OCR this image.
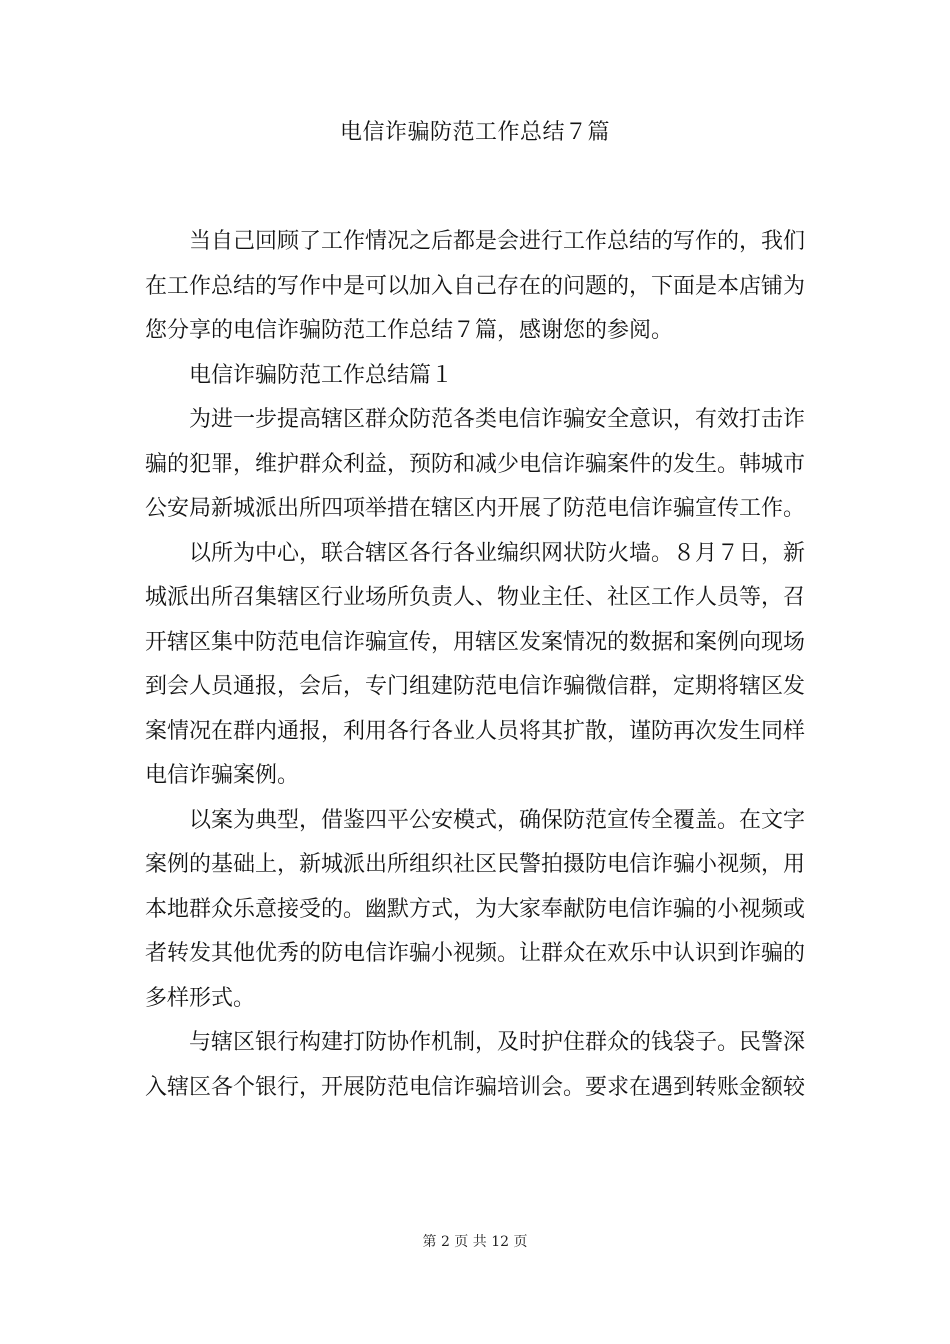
电信诈骗防范工作总结７篇

当自己回顾了工作情况之后都是会进行工作总结的写作的，我们在工作总结的写作中是可以加入自己存在的问题的，下面是本店铺为您分享的电信诈骗防范工作总结７篇，感谢您的参阅。

电信诈骗防范工作总结篇１

为进一步提高辖区群众防范各类电信诈骗安全意识，有效打击诈骗的犯罪，维护群众利益，预防和减少电信诈骗案件的发生。韩城市公安局新城派出所四项举措在辖区内开展了防范电信诈骗宣传工作。

以所为中心，联合辖区各行各业编织网状防火墙。８月７日，新城派出所召集辖区行业场所负责人、物业主任、社区工作人员等，召开辖区集中防范电信诈骗宣传，用辖区发案情况的数据和案例向现场到会人员通报，会后，专门组建防范电信诈骗微信群，定期将辖区发案情况在群内通报，利用各行各业人员将其扩散，谨防再次发生同样电信诈骗案例。

以案为典型，借鉴四平公安模式，确保防范宣传全覆盖。在文字案例的基础上，新城派出所组织社区民警拍摄防电信诈骗小视频，用本地群众乐意接受的。幽默方式，为大家奉献防电信诈骗的小视频或者转发其他优秀的防电信诈骗小视频。让群众在欢乐中认识到诈骗的多样形式。

与辖区银行构建打防协作机制，及时护住群众的钱袋子。民警深入辖区各个银行，开展防范电信诈骗培训会。要求在遇到转账金额较

第 2 页 共 12 页
